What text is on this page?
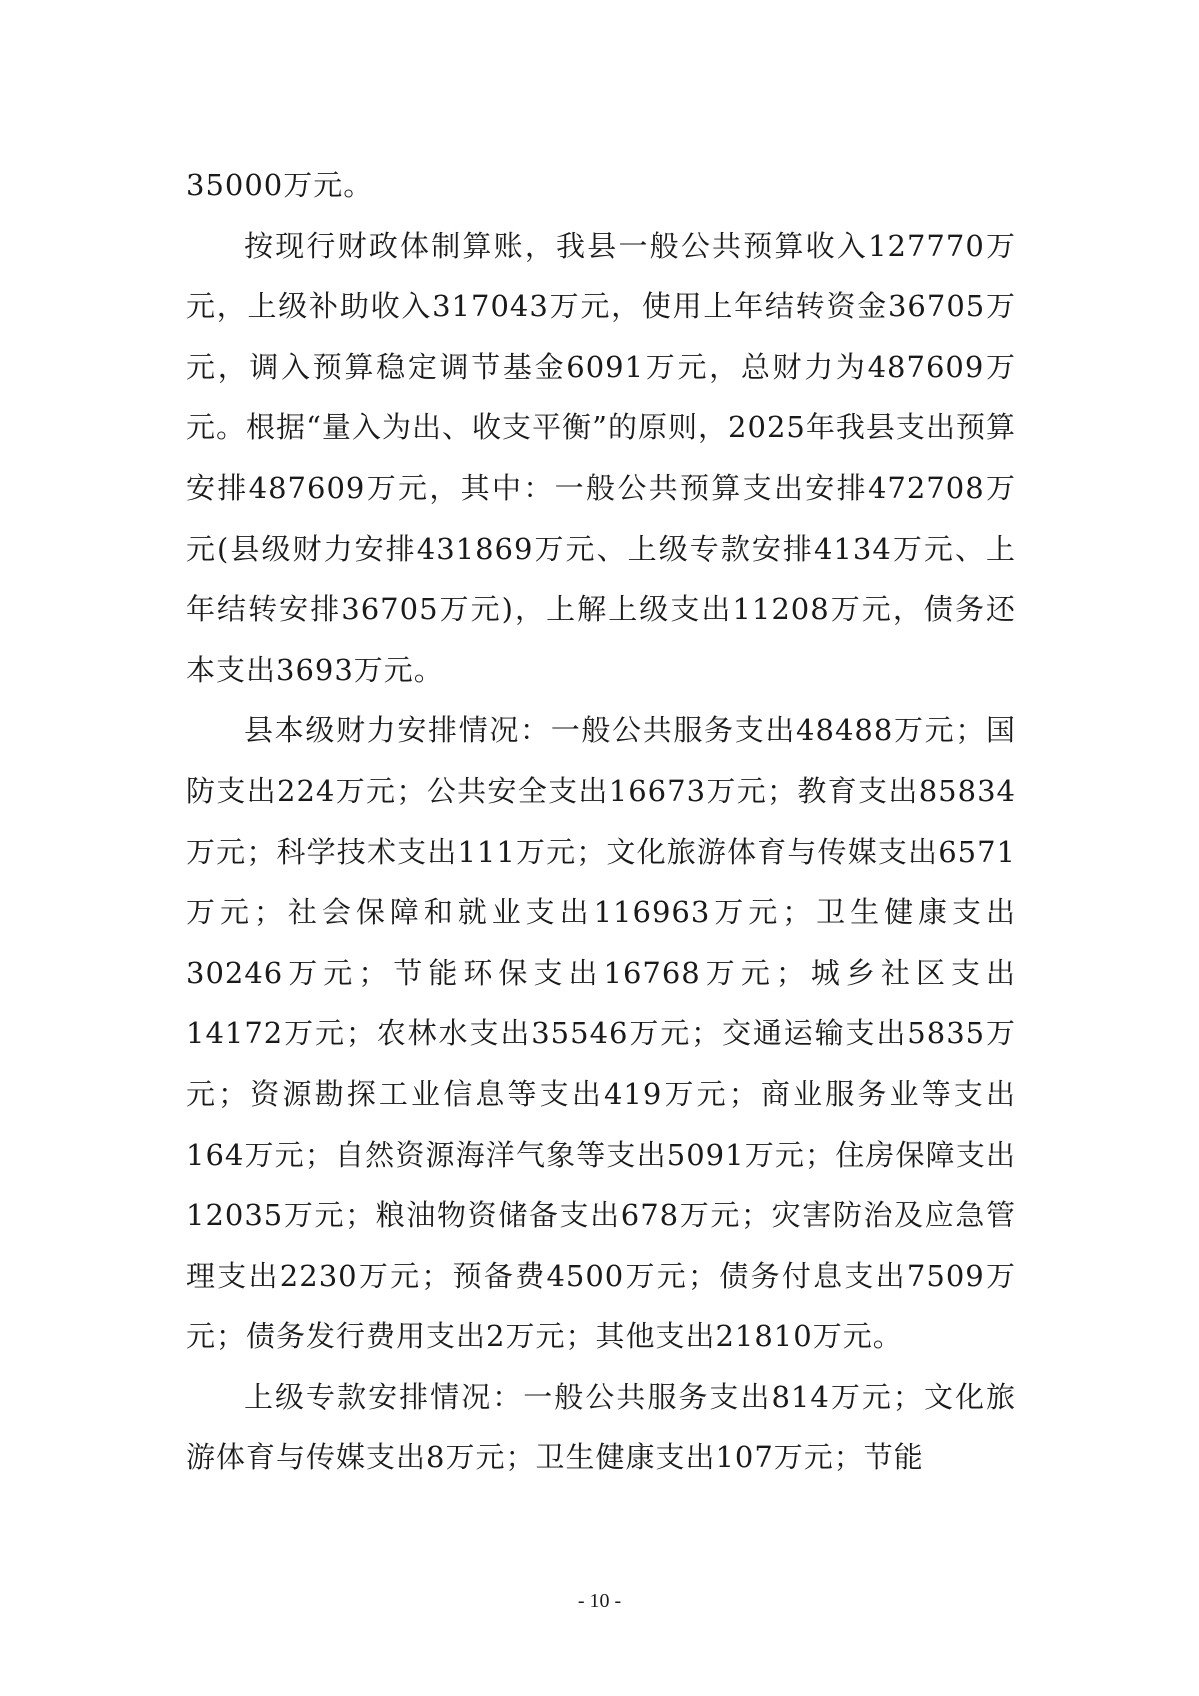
35000万元。

按现行财政体制算账，我县一般公共预算收入127770万元，上级补助收入317043万元，使用上年结转资金36705万元，调入预算稳定调节基金6091万元，总财力为487609万元。根据“量入为出、收支平衡”的原则，2025年我县支出预算安排487609万元，其中：一般公共预算支出安排472708万元(县级财力安排431869万元、上级专款安排4134万元、上年结转安排36705万元)，上解上级支出11208万元，债务还本支出3693万元。

县本级财力安排情况：一般公共服务支出48488万元；国防支出224万元；公共安全支出16673万元；教育支出85834万元；科学技术支出111万元；文化旅游体育与传媒支出6571万元；社会保障和就业支出116963万元；卫生健康支出30246万元；节能环保支出16768万元；城乡社区支出14172万元；农林水支出35546万元；交通运输支出5835万元；资源勘探工业信息等支出419万元；商业服务业等支出164万元；自然资源海洋气象等支出5091万元；住房保障支出12035万元；粮油物资储备支出678万元；灾害防治及应急管理支出2230万元；预备费4500万元；债务付息支出7509万元；债务发行费用支出2万元；其他支出21810万元。

上级专款安排情况：一般公共服务支出814万元；文化旅游体育与传媒支出8万元；卫生健康支出107万元；节能

- 10 -
